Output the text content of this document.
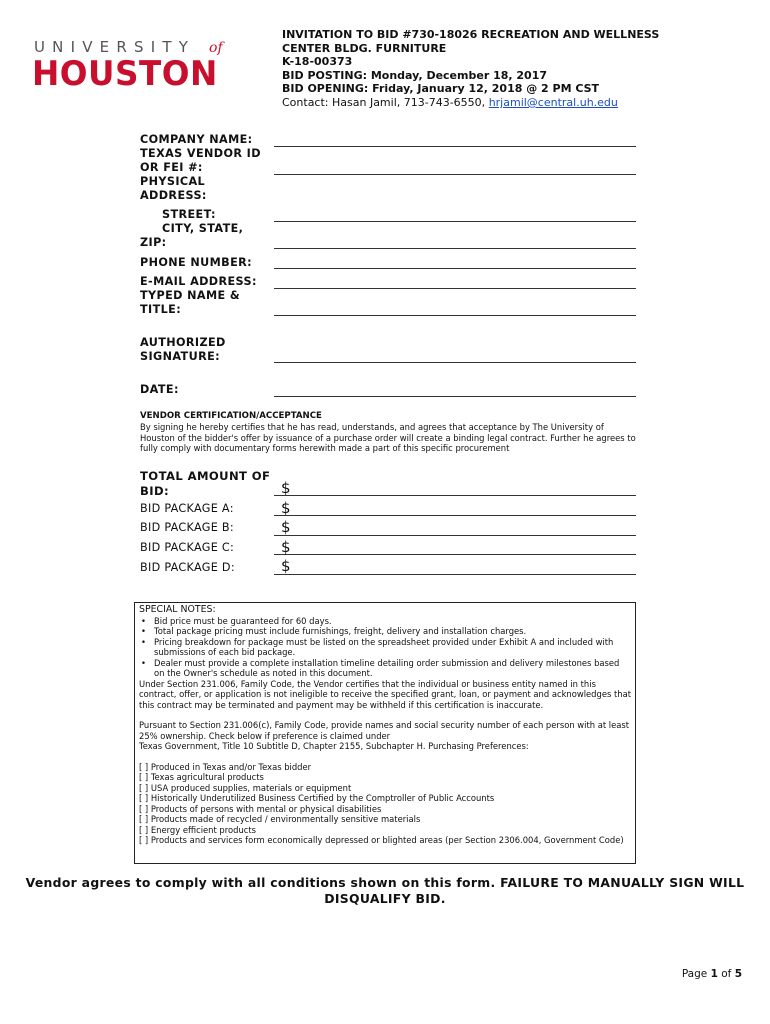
UNIVERSITY of
HOUSTON
INVITATION TO BID #730-18026 RECREATION AND WELLNESS
CENTER BLDG. FURNITURE
K-18-00373
BID POSTING: Monday, December 18, 2017
BID OPENING: Friday, January 12, 2018 @ 2 PM CST
Contact: Hasan Jamil, 713-743-6550, hrjamil@central.uh.edu
COMPANY NAME:
TEXAS VENDOR ID
OR FEI #:
PHYSICAL
ADDRESS:
STREET:
CITY, STATE,
ZIP:
PHONE NUMBER:
E-MAIL ADDRESS:
TYPED NAME &
TITLE:
AUTHORIZED
SIGNATURE:
DATE:
VENDOR CERTIFICATION/ACCEPTANCE
By signing he hereby certifies that he has read, understands, and agrees that acceptance by The University of Houston of the bidder's offer by issuance of a purchase order will create a binding legal contract. Further he agrees to fully comply with documentary forms herewith made a part of this specific procurement
TOTAL AMOUNT OF
BID:	$
BID PACKAGE A:	$
BID PACKAGE B:	$
BID PACKAGE C:	$
BID PACKAGE D:	$

SPECIAL NOTES:

• Bid price must be guaranteed for 60 days.
• Total package pricing must include furnishings, freight, delivery and installation charges.
• Pricing breakdown for package must be listed on the spreadsheet provided under Exhibit A and included with submissions of each bid package.
• Dealer must provide a complete installation timeline detailing order submission and delivery milestones based on the Owner's schedule as noted in this document.

Under Section 231.006, Family Code, the Vendor certifies that the individual or business entity named in this contract, offer, or application is not ineligible to receive the specified grant, loan, or payment and acknowledges that this contract may be terminated and payment may be withheld if this certification is inaccurate.

Pursuant to Section 231.006(c), Family Code, provide names and social security number of each person with at least 25% ownership. Check below if preference is claimed under

Texas Government, Title 10 Subtitle D, Chapter 2155, Subchapter H. Purchasing Preferences:

[ ] Produced in Texas and/or Texas bidder

[ ] Texas agricultural products

[ ] USA produced supplies, materials or equipment

[ ] Historically Underutilized Business Certified by the Comptroller of Public Accounts

[ ] Products of persons with mental or physical disabilities

[ ] Products made of recycled / environmentally sensitive materials

[ ] Energy efficient products

[ ] Products and services form economically depressed or blighted areas (per Section 2306.004, Government Code)

Vendor agrees to comply with all conditions shown on this form. FAILURE TO MANUALLY SIGN WILL
DISQUALIFY BID.
Page 1 of 5
